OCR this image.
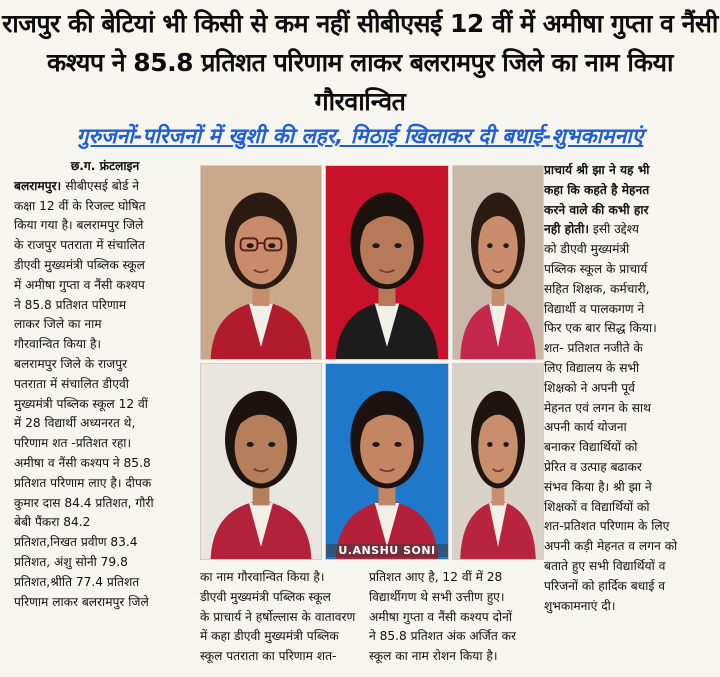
राजपुर की बेटियां भी किसी से कम नहीं सीबीएसई 12 वीं में अमीषा गुप्ता व नैंसी
कश्यप ने 85.8 प्रतिशत परिणाम लाकर बलरामपुर जिले का नाम किया गौरवान्वित
गुरुजनों-परिजनों में खुशी की लहर, मिठाई खिलाकर दी बधाई-शुभकामनाएं

छ.ग. फ्रंटलाइन

बलरामपुर। सीबीएसई बोर्ड ने
कक्षा 12 वीं के रिजल्ट घोषित
किया गया है। बलरामपुर जिले
के राजपुर पतराता में संचालित
डीएवी मुख्यमंत्री पब्लिक स्कूल
में अमीषा गुप्ता व नैंसी कश्यप
ने 85.8 प्रतिशत परिणाम
लाकर जिले का नाम
गौरवान्वित किया है।
बलरामपुर जिले के राजपुर
पतराता में संचालित डीएवी
मुख्यमंत्री पब्लिक स्कूल 12 वीं
में 28 विद्यार्थी अध्यनरत थे,
परिणाम शत -प्रतिशत रहा।
अमीषा व नैंसी कश्यप ने 85.8
प्रतिशत परिणाम लाए है। दीपक
कुमार दास 84.4 प्रतिशत, गौरी
बेबी पैंकरा 84.2
प्रतिशत,निखत प्रवीण 83.4
प्रतिशत, अंशु सोनी 79.8
प्रतिशत,श्रीति 77.4 प्रतिशत
परिणाम लाकर बलरामपुर जिले
प्राचार्य श्री झा ने यह भी
कहा कि कहते है मेहनत
करने वाले की कभी हार
नही होती। इसी उद्देश्य
को डीएवी मुख्यमंत्री
पब्लिक स्कूल के प्राचार्य
सहित शिक्षक, कर्मचारी,
विद्यार्थी व पालकगण ने
फिर एक बार सिद्ध किया।
शत- प्रतिशत नजीते के
लिए विद्यालय के सभी
शिक्षको ने अपनी पूर्व
मेहनत एवं लगन के साथ
अपनी कार्य योजना
बनाकर विद्यार्थियों को
प्रेरित व उत्पाह बढाकर
संभव किया है। श्री झा ने
शिक्षकों व विद्यार्थियों को
शत-प्रतिशत परिणाम के लिए
अपनी कड़ी मेहनत व लगन को
बताते हुए सभी विद्यार्थियों व
परिजनों को हार्दिक बधाई व
शुभकामनाएं दी।
का नाम गौरवान्वित किया है।
डीएवी मुख्यमंत्री पब्लिक स्कूल
के प्राचार्य ने हर्षोल्लास के वातावरण
में कहा डीएवी मुख्यमंत्री पब्लिक
स्कूल पतराता का परिणाम शत-
प्रतिशत आए है, 12 वीं में 28
विद्यार्थीगण थे सभी उत्तीण हुए।
अमीषा गुप्ता व नैंसी कश्यप दोनों
ने 85.8 प्रतिशत अंक अर्जित कर
स्कूल का नाम रोशन किया है।
U.ANSHU SONI
